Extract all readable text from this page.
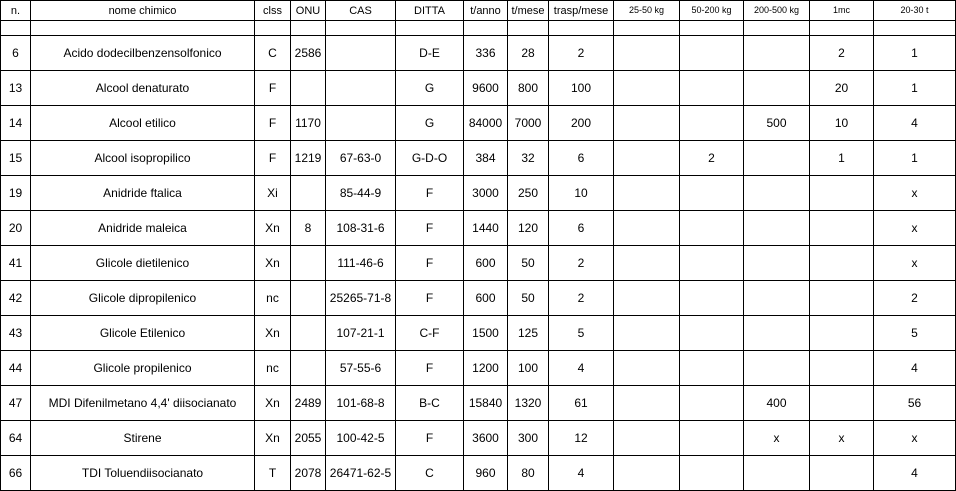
n.	nome chimico	clss	ONU	CAS	DITTA	t/anno	t/mese	trasp/mese	25-50 kg	50-200 kg	200-500 kg	1mc	20-30 t

6	Acido dodecilbenzensolfonico	C	2586		D-E	336	28	2				2	1
13	Alcool denaturato	F			G	9600	800	100				20	1
14	Alcool etilico	F	1170		G	84000	7000	200			500	10	4
15	Alcool isopropilico	F	1219	67-63-0	G-D-O	384	32	6		2		1	1
19	Anidride ftalica	Xi		85-44-9	F	3000	250	10					x
20	Anidride maleica	Xn	8	108-31-6	F	1440	120	6					x
41	Glicole dietilenico	Xn		111-46-6	F	600	50	2					x
42	Glicole dipropilenico	nc		25265-71-8	F	600	50	2					2
43	Glicole Etilenico	Xn		107-21-1	C-F	1500	125	5					5
44	Glicole propilenico	nc		57-55-6	F	1200	100	4					4
47	MDI Difenilmetano 4,4' diisocianato	Xn	2489	101-68-8	B-C	15840	1320	61			400		56
64	Stirene	Xn	2055	100-42-5	F	3600	300	12			x	x	x
66	TDI Toluendiisocianato	T	2078	26471-62-5	C	960	80	4					4
